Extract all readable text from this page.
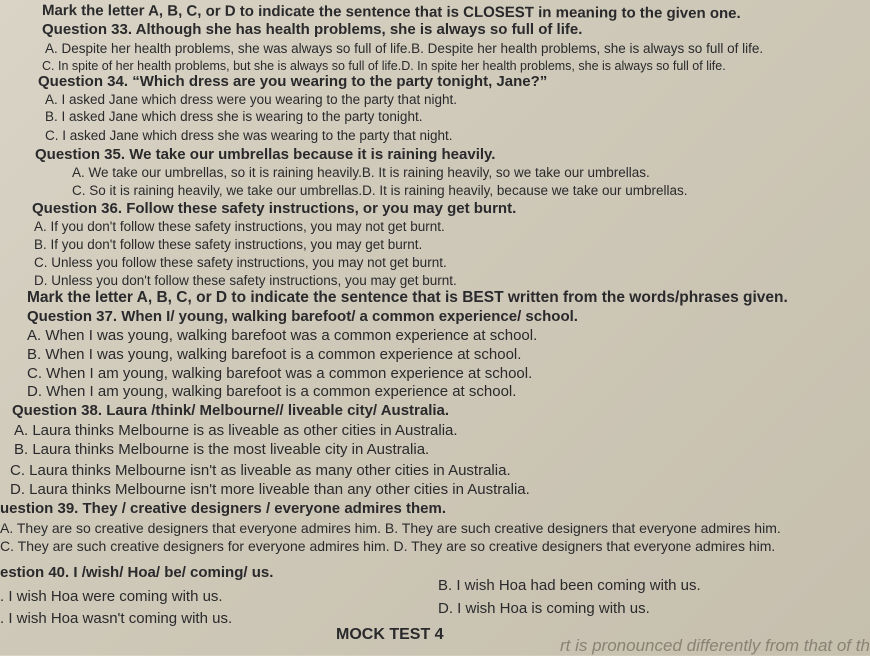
Mark the letter A, B, C, or D to indicate the sentence that is CLOSEST in meaning to the given one.
Question 33. Although she has health problems, she is always so full of life.
A. Despite her health problems, she was always so full of life.B. Despite her health problems, she is always so full of life.
C. In spite of her health problems, but she is always so full of life.D. In spite her health problems, she is always so full of life.
Question 34. “Which dress are you wearing to the party tonight, Jane?”
A. I asked Jane which dress were you wearing to the party that night.
B. I asked Jane which dress she is wearing to the party tonight.
C. I asked Jane which dress she was wearing to the party that night.
Question 35. We take our umbrellas because it is raining heavily.
A. We take our umbrellas, so it is raining heavily.B. It is raining heavily, so we take our umbrellas.
C. So it is raining heavily, we take our umbrellas.D. It is raining heavily, because we take our umbrellas.
Question 36. Follow these safety instructions, or you may get burnt.
A. If you don't follow these safety instructions, you may not get burnt.
B. If you don't follow these safety instructions, you may get burnt.
C. Unless you follow these safety instructions, you may not get burnt.
D. Unless you don't follow these safety instructions, you may get burnt.
Mark the letter A, B, C, or D to indicate the sentence that is BEST written from the words/phrases given.
Question 37. When I/ young, walking barefoot/ a common experience/ school.
A. When I was young, walking barefoot was a common experience at school.
B. When I was young, walking barefoot is a common experience at school.
C. When I am young, walking barefoot was a common experience at school.
D. When I am young, walking barefoot is a common experience at school.
Question 38. Laura /think/ Melbourne// liveable city/ Australia.
A. Laura thinks Melbourne is as liveable as other cities in Australia.
B. Laura thinks Melbourne is the most liveable city in Australia.
C. Laura thinks Melbourne isn't as liveable as many other cities in Australia.
D. Laura thinks Melbourne isn't more liveable than any other cities in Australia.
uestion 39. They / creative designers / everyone admires them.
A. They are so creative designers that everyone admires him. B. They are such creative designers that everyone admires him.
C. They are such creative designers for everyone admires him. D. They are so creative designers that everyone admires him.
estion 40. I /wish/ Hoa/ be/ coming/ us.
. I wish Hoa were coming with us.
B. I wish Hoa had been coming with us.
. I wish Hoa wasn't coming with us.
D. I wish Hoa is coming with us.
MOCK TEST 4
rt is pronounced differently from that of th
